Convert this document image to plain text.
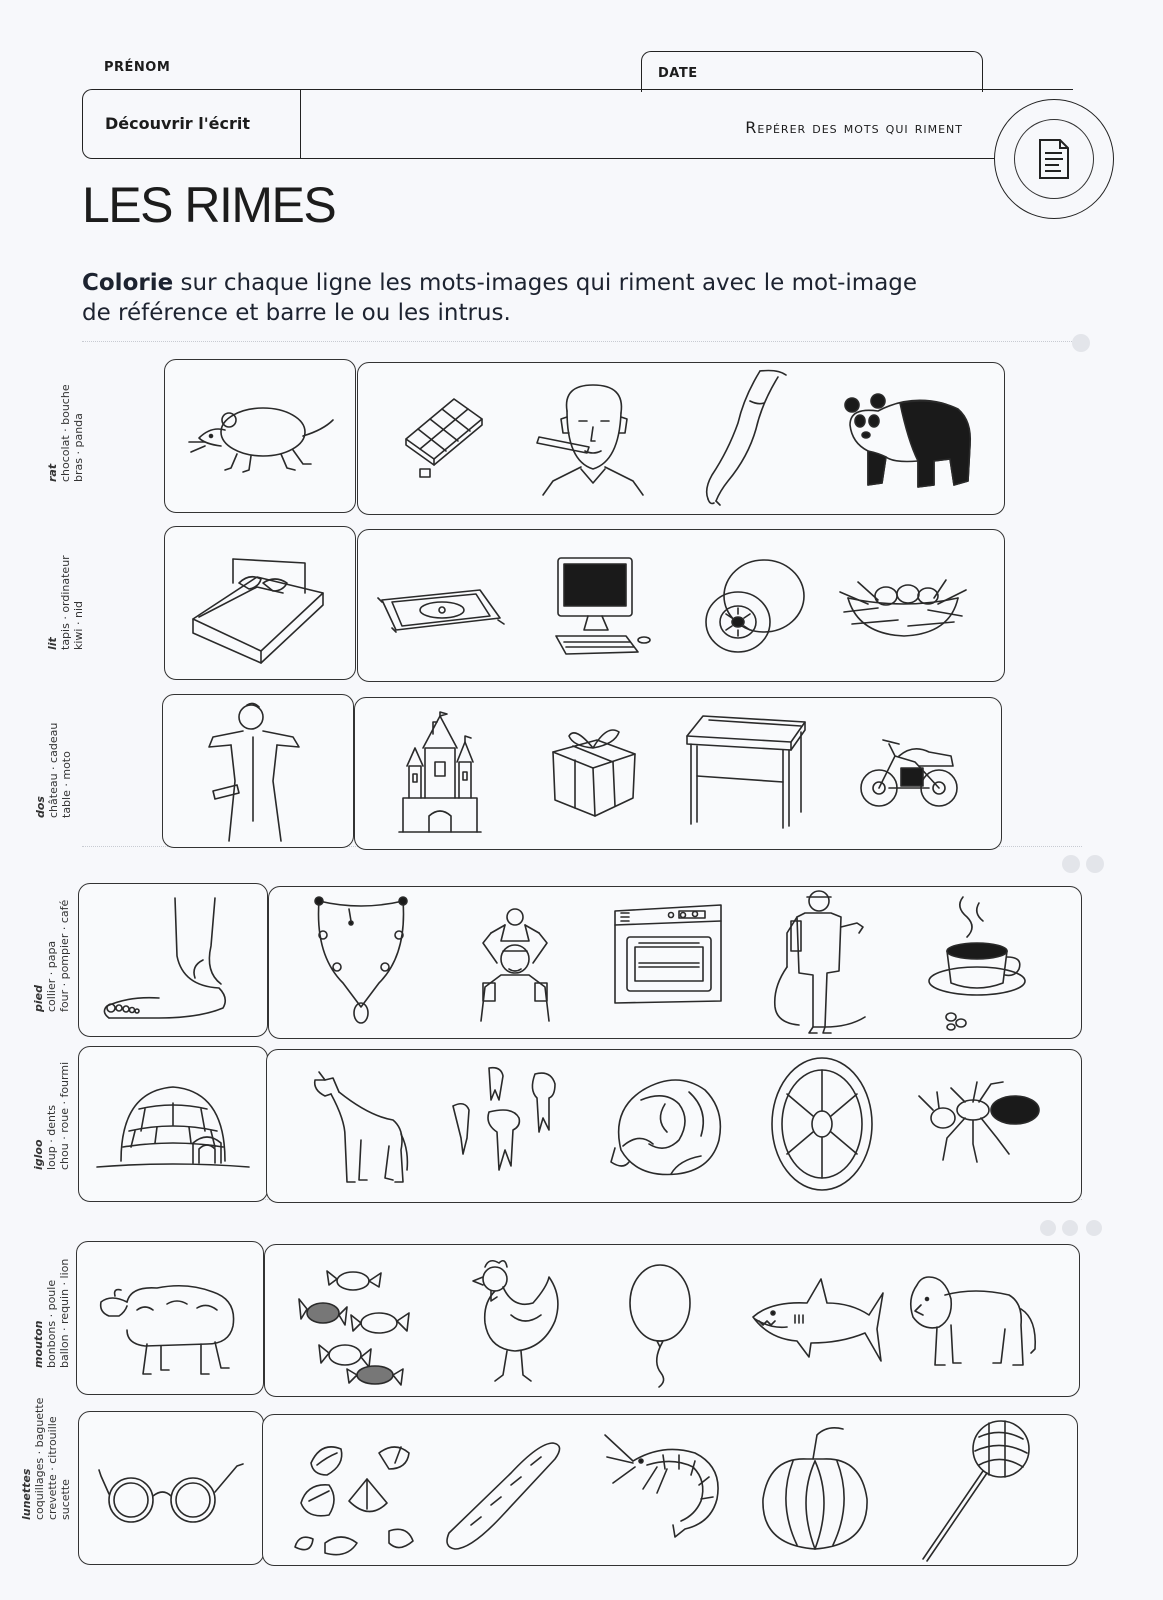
PRÉNOM	DATE
Découvrir l'écrit	Repérer des mots qui riment
LES RIMES
Colorie sur chaque ligne les mots-images qui riment avec le mot-image
de référence et barre le ou les intrus.
rat chocolat · bouche bras · panda
lit tapis · ordinateur kiwi · nid
dos château · cadeau table · moto
pied collier · papa four · pompier · café
igloo loup · dents chou · roue · fourmi
mouton bonbons · poule ballon · requin · lion
lunettes coquillages · baguette crevette · citrouille sucette
